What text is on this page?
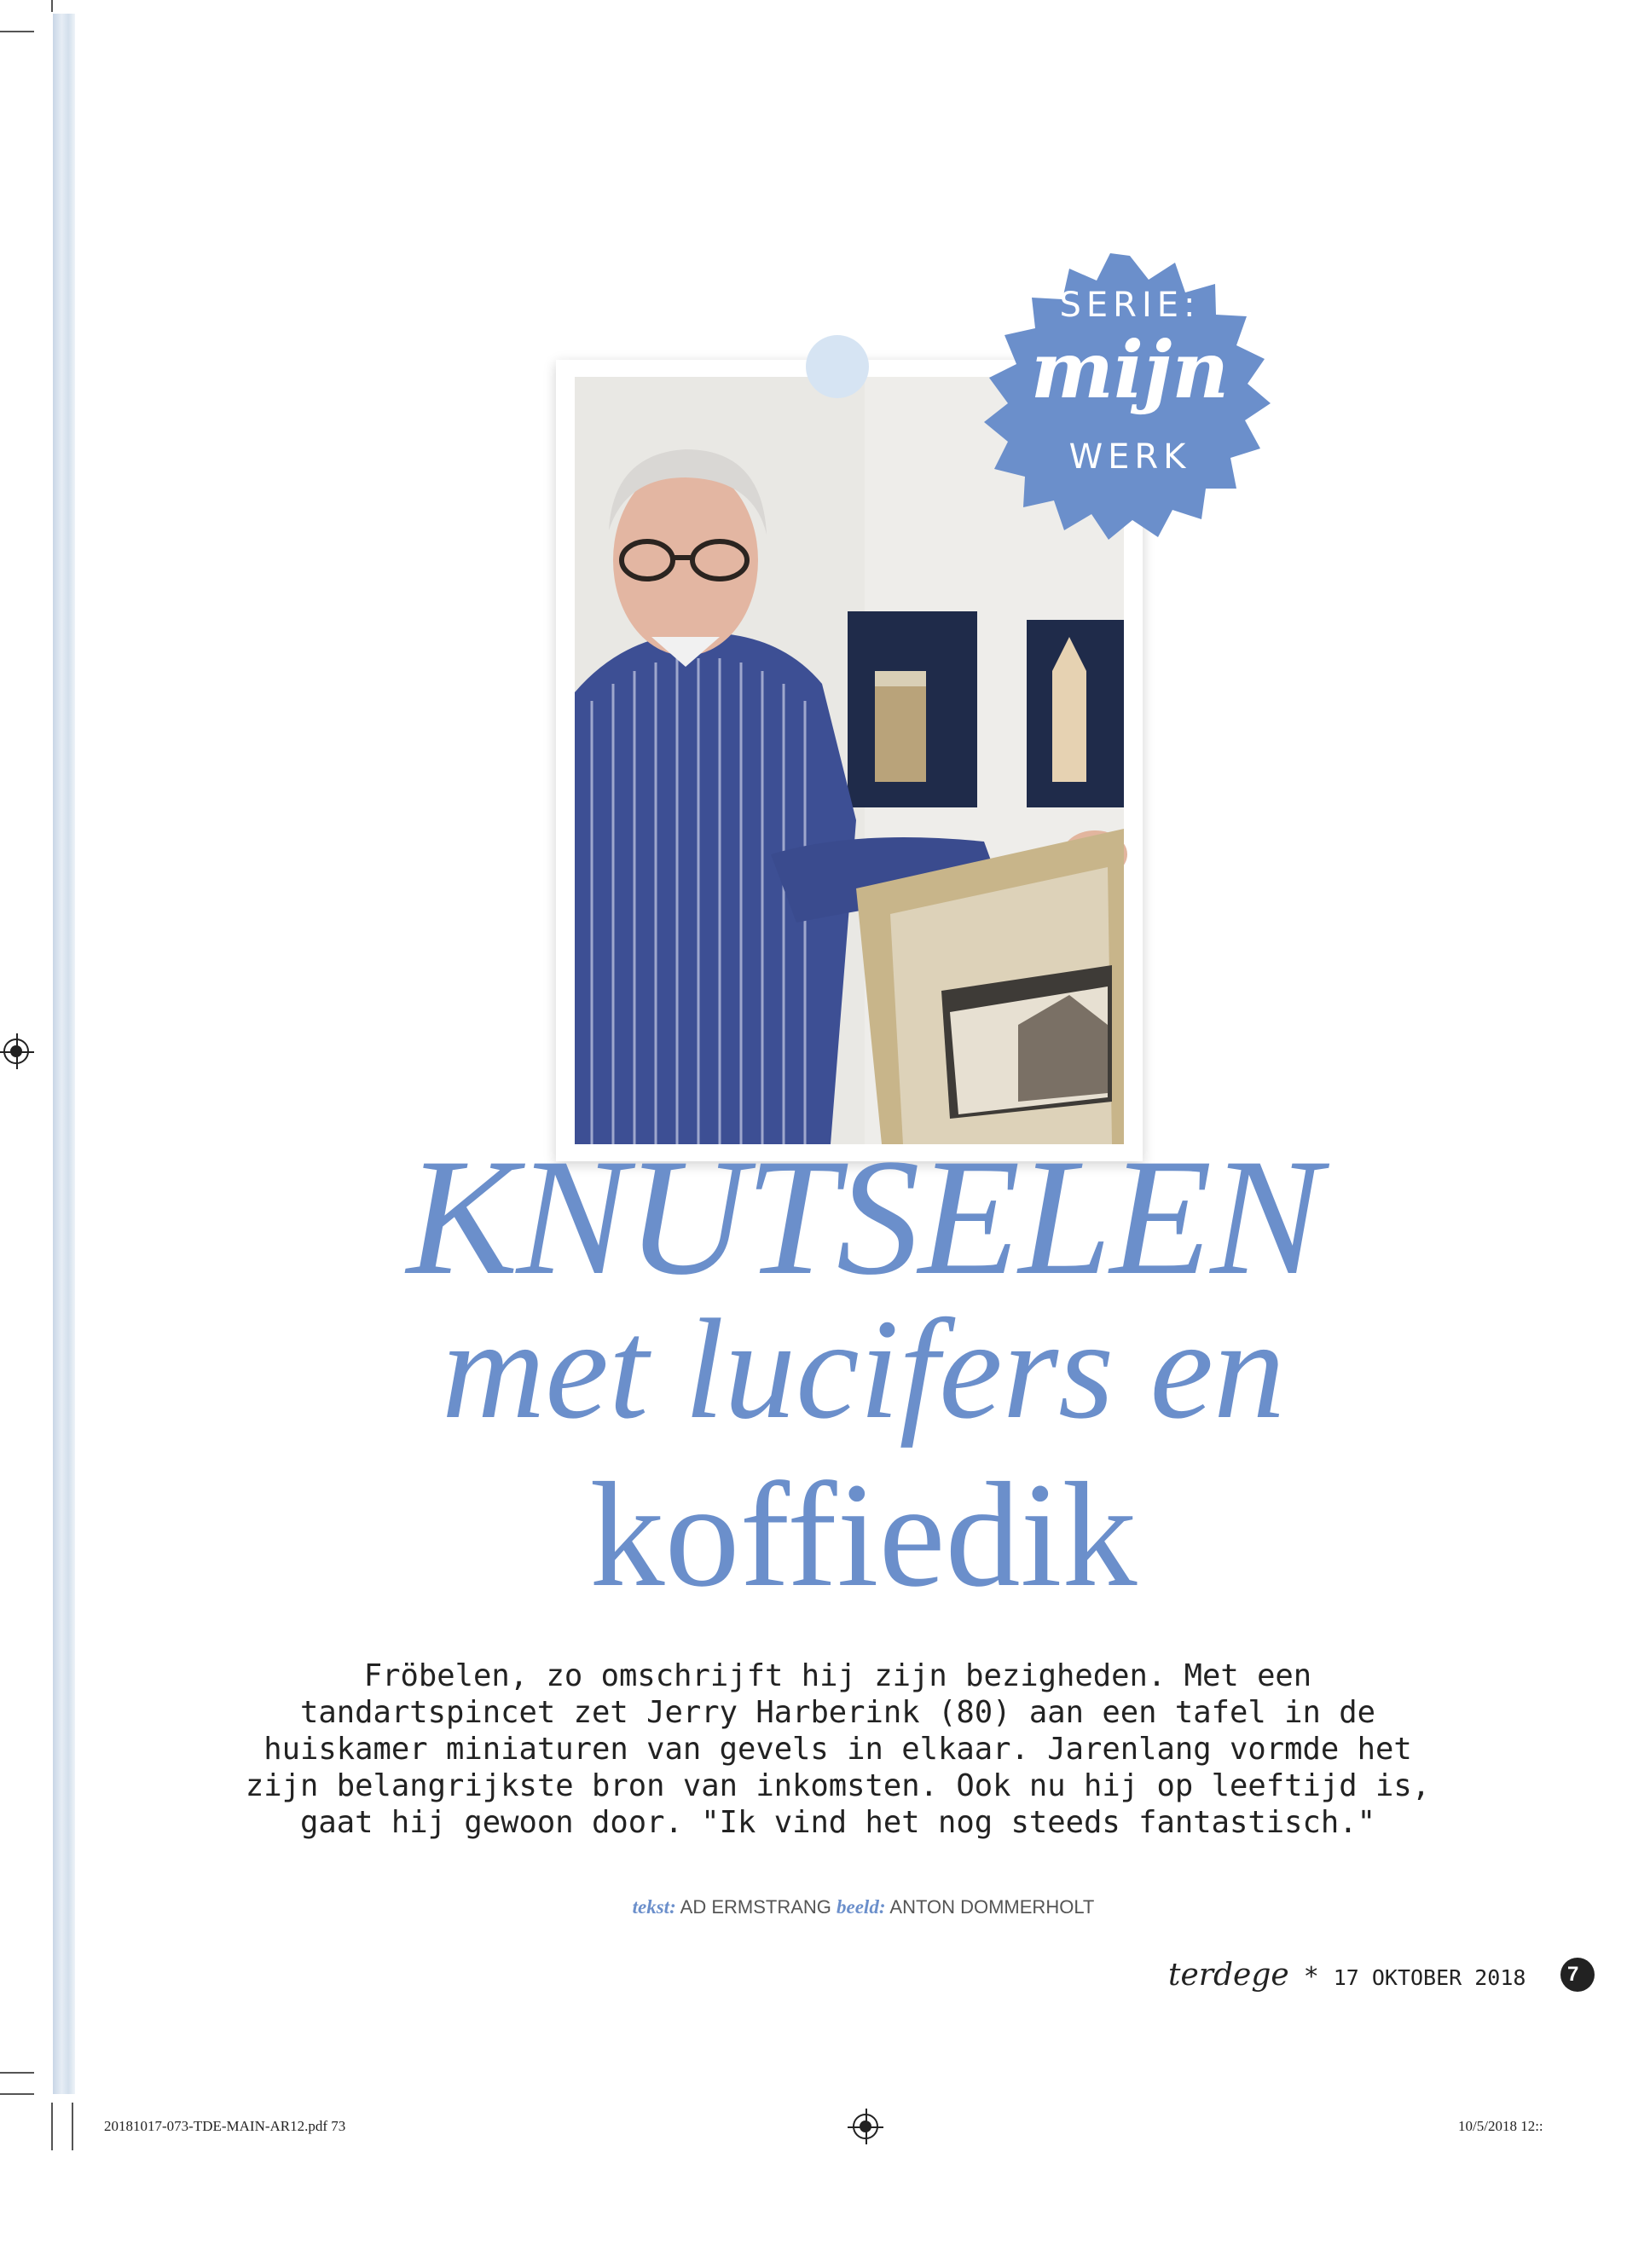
SERIE:
mijn
WERK
KNUTSELEN
met lucifers en
koffiedik

Fröbelen, zo omschrijft hij zijn bezigheden. Met een tandartspincet zet Jerry Harberink (80) aan een tafel in de huiskamer miniaturen van gevels in elkaar. Jarenlang vormde het zijn belangrijkste bron van inkomsten. Ook nu hij op leeftijd is, gaat hij gewoon door. "Ik vind het nog steeds fantastisch."

tekst: AD ERMSTRANG beeld: ANTON DOMMERHOLT
terdege * 17 OKTOBER 2018	7
20181017-073-TDE-MAIN-AR12.pdf 73	10/5/2018 12::
